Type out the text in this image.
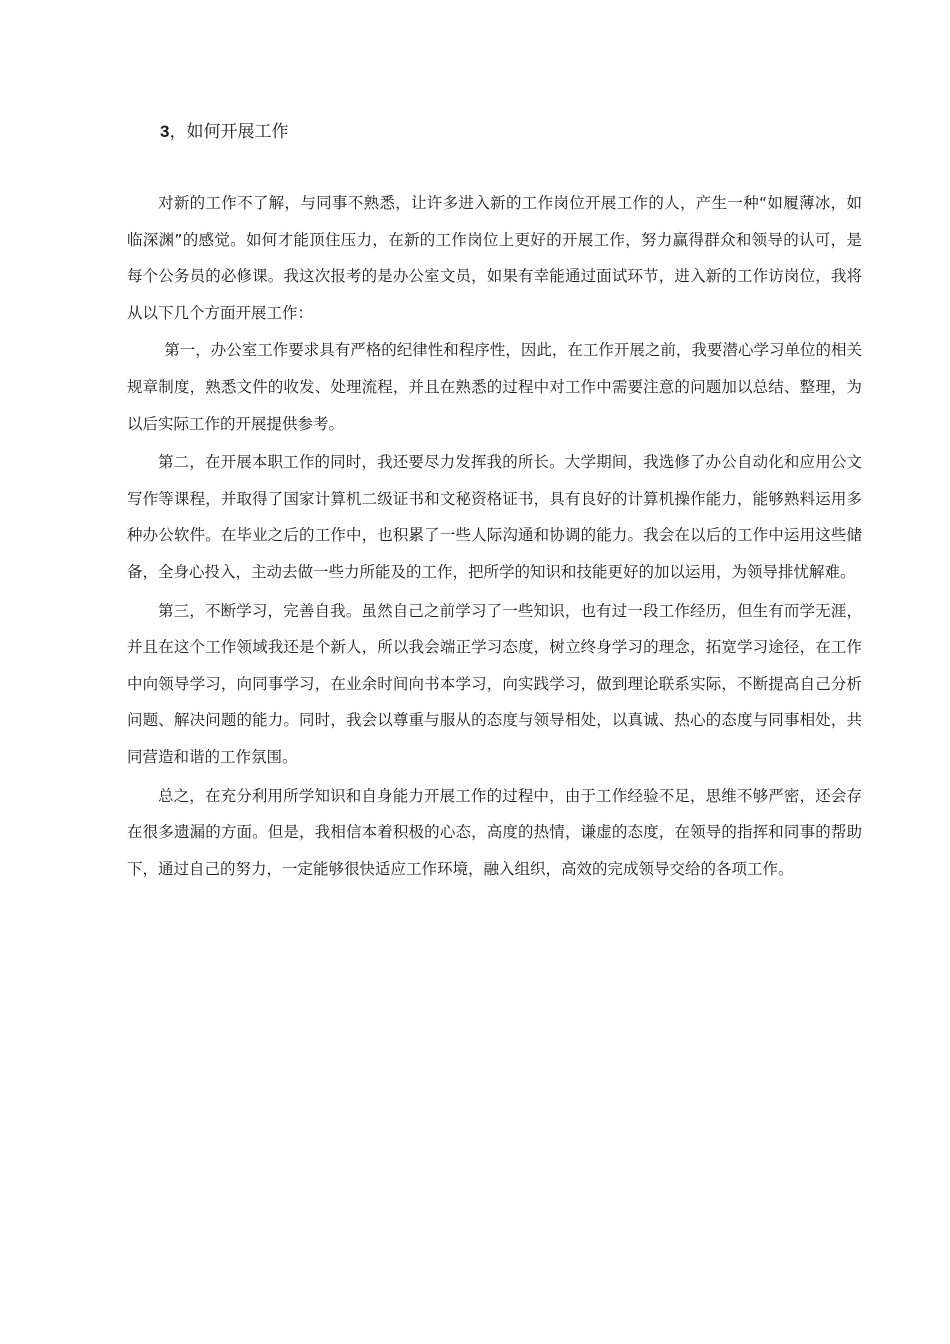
3，如何开展工作

对新的工作不了解，与同事不熟悉，让许多进入新的工作岗位开展工作的人，产生一种“如履薄冰，如临深渊”的感觉。如何才能顶住压力，在新的工作岗位上更好的开展工作，努力赢得群众和领导的认可，是每个公务员的必修课。我这次报考的是办公室文员，如果有幸能通过面试环节，进入新的工作访岗位，我将从以下几个方面开展工作：

第一，办公室工作要求具有严格的纪律性和程序性，因此，在工作开展之前，我要潜心学习单位的相关规章制度，熟悉文件的收发、处理流程，并且在熟悉的过程中对工作中需要注意的问题加以总结、整理，为以后实际工作的开展提供参考。

第二，在开展本职工作的同时，我还要尽力发挥我的所长。大学期间，我选修了办公自动化和应用公文写作等课程，并取得了国家计算机二级证书和文秘资格证书，具有良好的计算机操作能力，能够熟料运用多种办公软件。在毕业之后的工作中，也积累了一些人际沟通和协调的能力。我会在以后的工作中运用这些储备，全身心投入，主动去做一些力所能及的工作，把所学的知识和技能更好的加以运用，为领导排忧解难。

第三，不断学习，完善自我。虽然自己之前学习了一些知识，也有过一段工作经历，但生有而学无涯，并且在这个工作领域我还是个新人，所以我会端正学习态度，树立终身学习的理念，拓宽学习途径，在工作中向领导学习，向同事学习，在业余时间向书本学习，向实践学习，做到理论联系实际，不断提高自己分析问题、解决问题的能力。同时，我会以尊重与服从的态度与领导相处，以真诚、热心的态度与同事相处，共同营造和谐的工作氛围。

总之，在充分利用所学知识和自身能力开展工作的过程中，由于工作经验不足，思维不够严密，还会存在很多遗漏的方面。但是，我相信本着积极的心态，高度的热情，谦虚的态度，在领导的指挥和同事的帮助下，通过自己的努力，一定能够很快适应工作环境，融入组织，高效的完成领导交给的各项工作。
